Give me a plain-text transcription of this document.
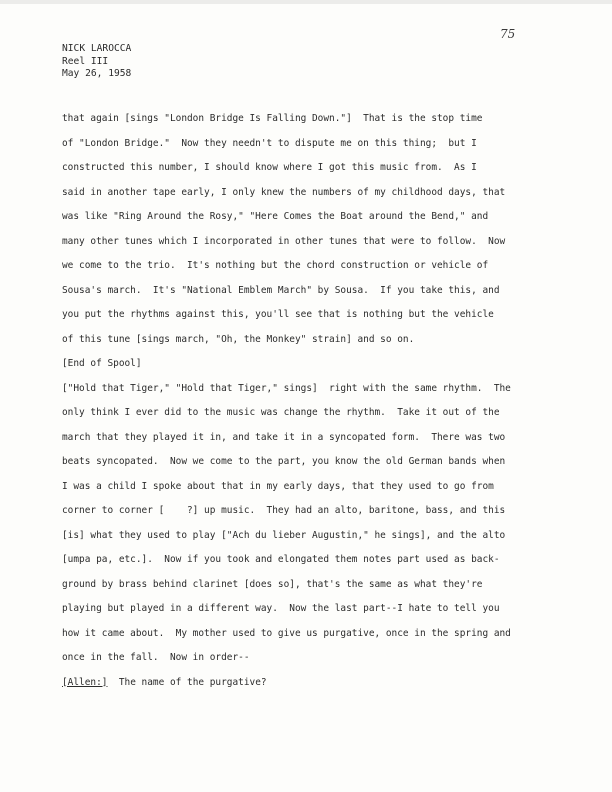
75
NICK LAROCCA
Reel III
May 26, 1958
that again [sings "London Bridge Is Falling Down."]  That is the stop time
of "London Bridge."  Now they needn't to dispute me on this thing;  but I
constructed this number, I should know where I got this music from.  As I
said in another tape early, I only knew the numbers of my childhood days, that
was like "Ring Around the Rosy," "Here Comes the Boat around the Bend," and
many other tunes which I incorporated in other tunes that were to follow.  Now
we come to the trio.  It's nothing but the chord construction or vehicle of
Sousa's march.  It's "National Emblem March" by Sousa.  If you take this, and
you put the rhythms against this, you'll see that is nothing but the vehicle
of this tune [sings march, "Oh, the Monkey" strain] and so on.
[End of Spool]
["Hold that Tiger," "Hold that Tiger," sings]  right with the same rhythm.  The
only think I ever did to the music was change the rhythm.  Take it out of the
march that they played it in, and take it in a syncopated form.  There was two
beats syncopated.  Now we come to the part, you know the old German bands when
I was a child I spoke about that in my early days, that they used to go from
corner to corner [    ?] up music.  They had an alto, baritone, bass, and this
[is] what they used to play ["Ach du lieber Augustin," he sings], and the alto
[umpa pa, etc.].  Now if you took and elongated them notes part used as back-
ground by brass behind clarinet [does so], that's the same as what they're
playing but played in a different way.  Now the last part--I hate to tell you
how it came about.  My mother used to give us purgative, once in the spring and
once in the fall.  Now in order--
[Allen:]  The name of the purgative?
